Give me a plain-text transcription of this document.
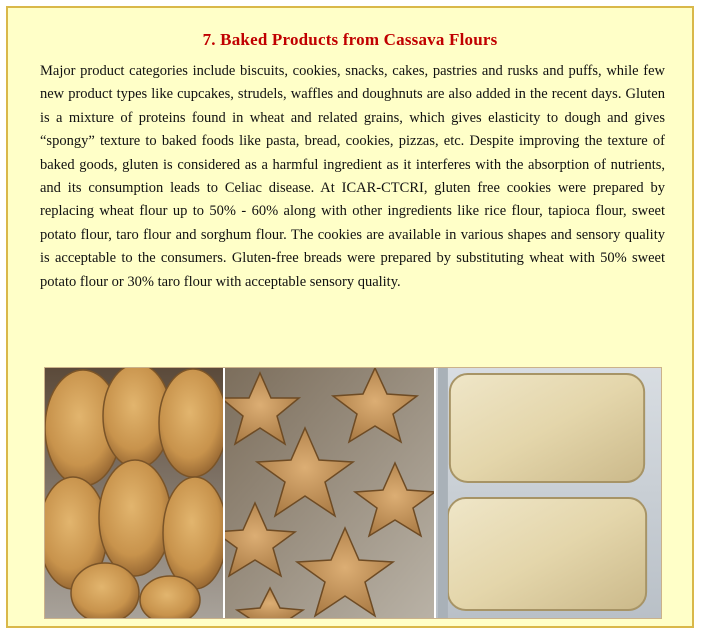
7. Baked Products from Cassava Flours

Major product categories include biscuits, cookies, snacks, cakes, pastries and rusks and puffs, while few new product types like cupcakes, strudels, waffles and doughnuts are also added in the recent days. Gluten is a mixture of proteins found in wheat and related grains, which gives elasticity to dough and gives “spongy” texture to baked foods like pasta, bread, cookies, pizzas, etc. Despite improving the texture of baked goods, gluten is considered as a harmful ingredient as it interferes with the absorption of nutrients, and its consumption leads to Celiac disease. At ICAR-CTCRI, gluten free cookies were prepared by replacing wheat flour up to 50% - 60% along with other ingredients like rice flour, tapioca flour, sweet potato flour, taro flour and sorghum flour. The cookies are available in various shapes and sensory quality is acceptable to the consumers. Gluten-free breads were prepared by substituting wheat with 50% sweet potato flour or 30% taro flour with acceptable sensory quality.
